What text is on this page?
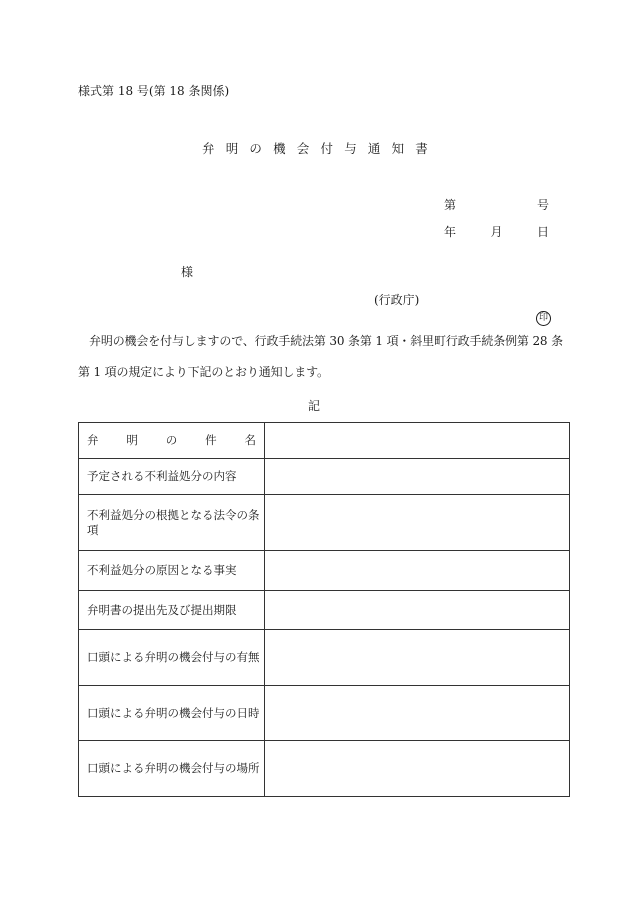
様式第 18 号(第 18 条関係)
弁明の機会付与通知書
第	号
年	月	日
様
(行政庁)
印
弁明の機会を付与しますので、行政手続法第 30 条第 1 項・斜里町行政手続条例第 28 条
第 1 項の規定により下記のとおり通知します。
記
弁 明 の 件 名	

予定される不利益処分の内容	
不利益処分の根拠となる法令の条項	
不利益処分の原因となる事実	
弁明書の提出先及び提出期限	
口頭による弁明の機会付与の有無	
口頭による弁明の機会付与の日時	
口頭による弁明の機会付与の場所	
